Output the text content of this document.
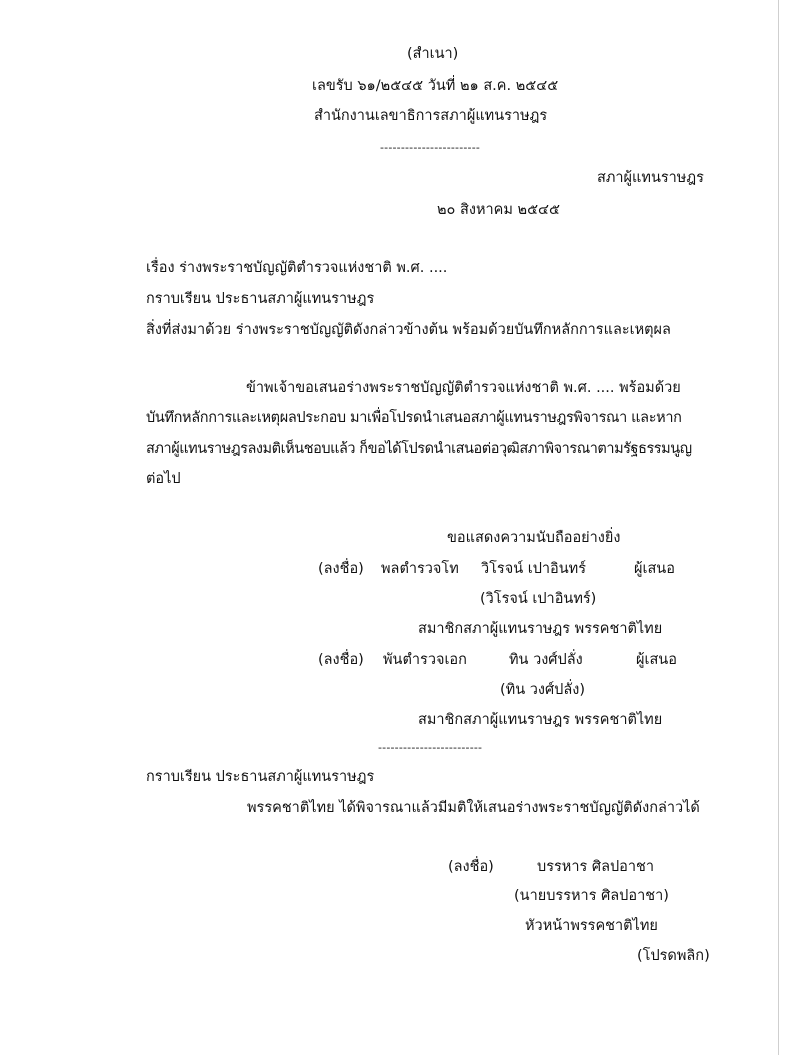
(สำเนา)
เลขรับ ๖๑/๒๕๔๕ วันที่ ๒๑ ส.ค. ๒๕๔๕
สำนักงานเลขาธิการสภาผู้แทนราษฎร
------------------------
สภาผู้แทนราษฎร
๒๐ สิงหาคม ๒๕๔๕
เรื่อง ร่างพระราชบัญญัติตำรวจแห่งชาติ พ.ศ. ....
กราบเรียน ประธานสภาผู้แทนราษฎร
สิ่งที่ส่งมาด้วย ร่างพระราชบัญญัติดังกล่าวข้างต้น พร้อมด้วยบันทึกหลักการและเหตุผล
ข้าพเจ้าขอเสนอร่างพระราชบัญญัติตำรวจแห่งชาติ พ.ศ. .... พร้อมด้วย
บันทึกหลักการและเหตุผลประกอบ มาเพื่อโปรดนำเสนอสภาผู้แทนราษฎรพิจารณา และหาก
สภาผู้แทนราษฎรลงมติเห็นชอบแล้ว ก็ขอได้โปรดนำเสนอต่อวุฒิสภาพิจารณาตามรัฐธรรมนูญ
ต่อไป
ขอแสดงความนับถืออย่างยิ่ง
(ลงชื่อ) พลตำรวจโท วิโรจน์ เปาอินทร์	ผู้เสนอ
(วิโรจน์ เปาอินทร์)
สมาชิกสภาผู้แทนราษฎร พรรคชาติไทย
(ลงชื่อ) พันตำรวจเอก	ทิน วงศ์ปลั่ง	ผู้เสนอ
(ทิน วงศ์ปลั่ง)
สมาชิกสภาผู้แทนราษฎร พรรคชาติไทย
-------------------------
กราบเรียน ประธานสภาผู้แทนราษฎร
พรรคชาติไทย ได้พิจารณาแล้วมีมติให้เสนอร่างพระราชบัญญัติดังกล่าวได้
(ลงชื่อ)	บรรหาร ศิลปอาชา
(นายบรรหาร ศิลปอาชา)
หัวหน้าพรรคชาติไทย
(โปรดพลิก)
